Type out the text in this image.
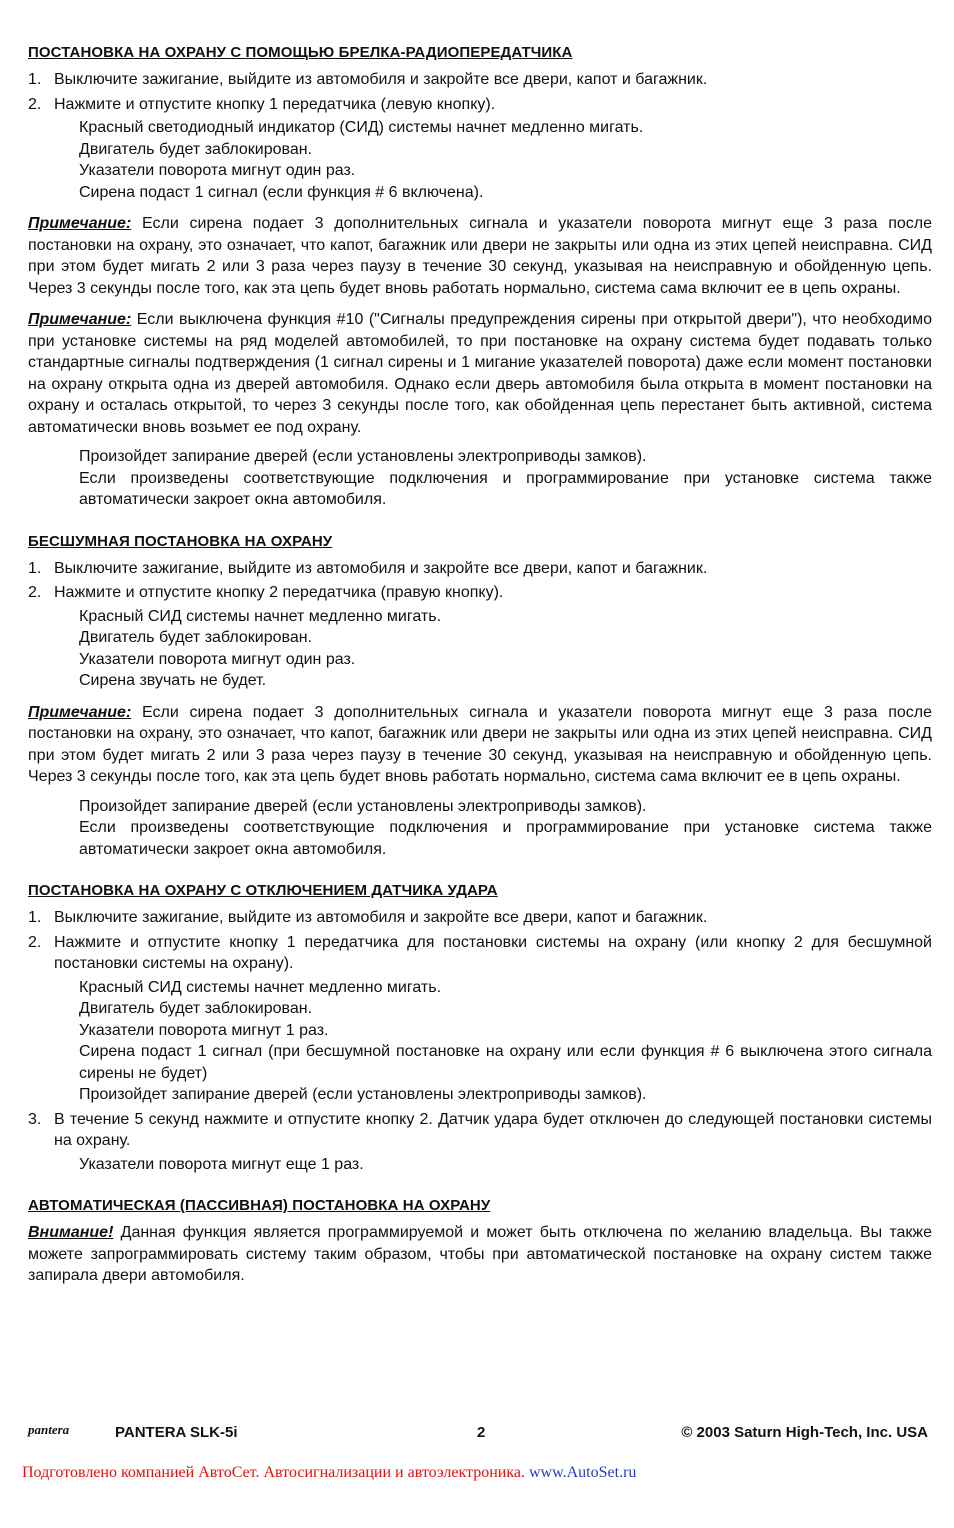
ПОСТАНОВКА НА ОХРАНУ С ПОМОЩЬЮ БРЕЛКА-РАДИОПЕРЕДАТЧИКА
1. Выключите зажигание, выйдите из автомобиля и закройте все двери, капот и багажник.
2. Нажмите и отпустите кнопку 1 передатчика (левую кнопку).
Красный светодиодный индикатор (СИД) системы начнет медленно мигать.
Двигатель будет заблокирован.
Указатели поворота мигнут один раз.
Сирена подаст 1 сигнал (если функция # 6 включена).
Примечание: Если сирена подает 3 дополнительных сигнала и указатели поворота мигнут еще 3 раза после постановки на охрану, это означает, что капот, багажник или двери не закрыты или одна из этих цепей неисправна. СИД при этом будет мигать 2 или 3 раза через паузу в течение 30 секунд, указывая на неисправную и обойденную цепь. Через 3 секунды после того, как эта цепь будет вновь работать нормально, система сама включит ее в цепь охраны.
Примечание: Если выключена функция #10 ("Сигналы предупреждения сирены при открытой двери"), что необходимо при установке системы на ряд моделей автомобилей, то при постановке на охрану система будет подавать только стандартные сигналы подтверждения (1 сигнал сирены и 1 мигание указателей поворота) даже если момент постановки на охрану открыта одна из дверей автомобиля. Однако если дверь автомобиля была открыта в момент постановки на охрану и осталась открытой, то через 3 секунды после того, как обойденная цепь перестанет быть активной, система автоматически вновь возьмет ее под охрану.
Произойдет запирание дверей (если установлены электроприводы замков).
Если произведены соответствующие подключения и программирование при установке система также автоматически закроет окна автомобиля.
БЕСШУМНАЯ ПОСТАНОВКА НА ОХРАНУ
1. Выключите зажигание, выйдите из автомобиля и закройте все двери, капот и багажник.
2. Нажмите и отпустите кнопку 2 передатчика (правую кнопку).
Красный СИД системы начнет медленно мигать.
Двигатель будет заблокирован.
Указатели поворота мигнут один раз.
Сирена звучать не будет.
Примечание: Если сирена подает 3 дополнительных сигнала и указатели поворота мигнут еще 3 раза после постановки на охрану, это означает, что капот, багажник или двери не закрыты или одна из этих цепей неисправна. СИД при этом будет мигать 2 или 3 раза через паузу в течение 30 секунд, указывая на неисправную и обойденную цепь. Через 3 секунды после того, как эта цепь будет вновь работать нормально, система сама включит ее в цепь охраны.
Произойдет запирание дверей (если установлены электроприводы замков).
Если произведены соответствующие подключения и программирование при установке система также автоматически закроет окна автомобиля.
ПОСТАНОВКА НА ОХРАНУ С ОТКЛЮЧЕНИЕМ ДАТЧИКА УДАРА
1. Выключите зажигание, выйдите из автомобиля и закройте все двери, капот и багажник.
2. Нажмите и отпустите кнопку 1 передатчика для постановки системы на охрану (или кнопку 2 для бесшумной постановки системы на охрану).
Красный СИД системы начнет медленно мигать.
Двигатель будет заблокирован.
Указатели поворота мигнут 1 раз.
Сирена подаст 1 сигнал (при бесшумной постановке на охрану или если функция # 6 выключена этого сигнала сирены не будет)
Произойдет запирание дверей (если установлены электроприводы замков).
3. В течение 5 секунд нажмите и отпустите кнопку 2. Датчик удара будет отключен до следующей постановки системы на охрану.
Указатели поворота мигнут еще 1 раз.
АВТОМАТИЧЕСКАЯ (ПАССИВНАЯ) ПОСТАНОВКА НА ОХРАНУ
Внимание! Данная функция является программируемой и может быть отключена по желанию владельца. Вы также можете запрограммировать систему таким образом, чтобы при автоматической постановке на охрану систем также запирала двери автомобиля.
pantera	PANTERA SLK-5i	2	© 2003 Saturn High-Tech, Inc. USA
Подготовлено компанией АвтоСет. Автосигнализации и автоэлектроника. www.AutoSet.ru
